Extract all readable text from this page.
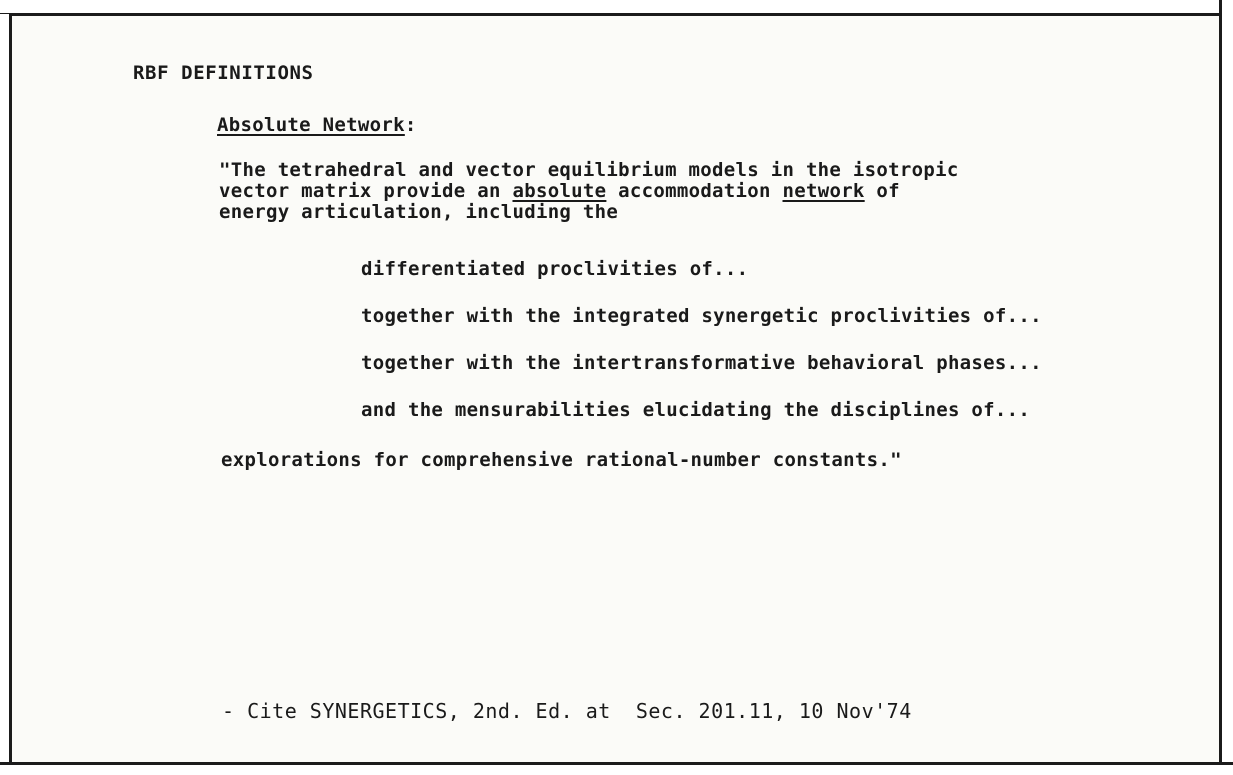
RBF DEFINITIONS
Absolute Network:
"The tetrahedral and vector equilibrium models in the isotropic
vector matrix provide an absolute accommodation network of
energy articulation, including the
differentiated proclivities of...
together with the integrated synergetic proclivities of...
together with the intertransformative behavioral phases...
and the mensurabilities elucidating the disciplines of...
explorations for comprehensive rational-number constants."
- Cite SYNERGETICS, 2nd. Ed. at  Sec. 201.11, 10 Nov'74
